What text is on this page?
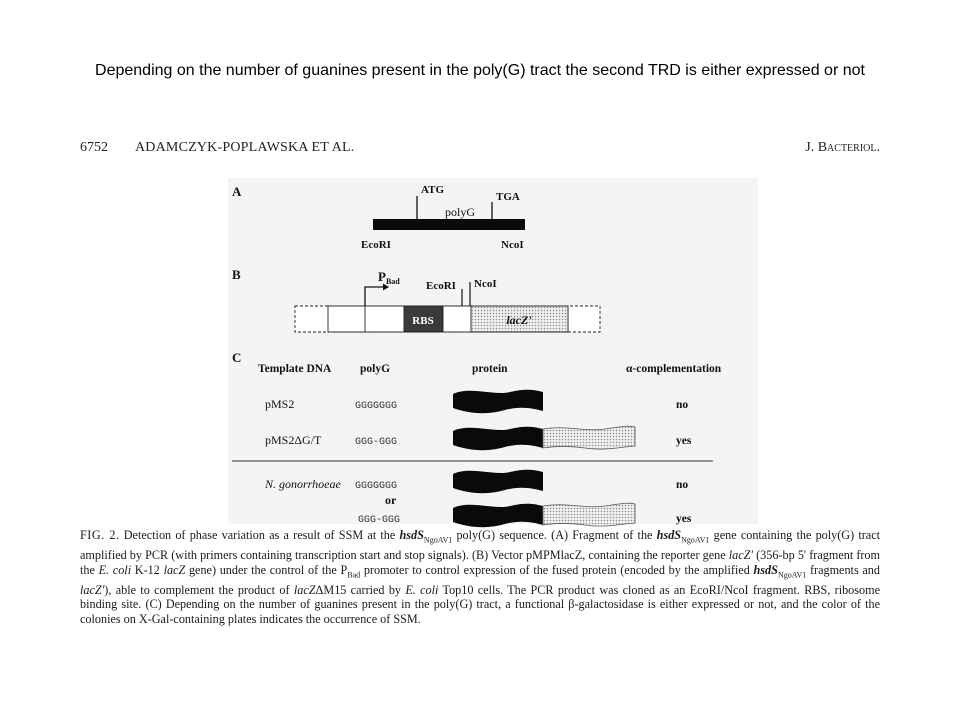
Depending on the number of guanines present in the poly(G) tract the second TRD is either expressed or not
6752 ADAMCZYK-POPLAWSKA ET AL.	J. Bacteriol.
A	ATG
TGA
polyG
EcoRI	NcoI
B
RBS	lacZ'
$P_{Bad}$ EcoRI NcoI
C
Template DNA polyG	protein	α-complementation
pMS2	GGGGGGG	no
pMS2ΔG/T	GGG-GGG	yes
N. gonorrhoeae GGGGGGG	no
or
GGG-GGG	yes
FIG. 2. Detection of phase variation as a result of SSM at the hsdS$_{NgoAV1}$ poly(G) sequence. (A) Fragment of the hsdS$_{NgoAV1}$ gene containing the poly(G) tract amplified by PCR (with primers containing transcription start and stop signals). (B) Vector pMPMlacZ, containing the reporter gene lacZ' (356-bp 5' fragment from the E. coli K-12 lacZ gene) under the control of the $P_{Bad}$ promoter to control expression of the fused protein (encoded by the amplified hsdS$_{NgoAV1}$ fragments and lacZ'), able to complement the product of lacZΔM15 carried by E. coli Top10 cells. The PCR product was cloned as an EcoRI/NcoI fragment. RBS, ribosome binding site. (C) Depending on the number of guanines present in the poly(G) tract, a functional β-galactosidase is either expressed or not, and the color of the colonies on X-Gal-containing plates indicates the occurrence of SSM.
